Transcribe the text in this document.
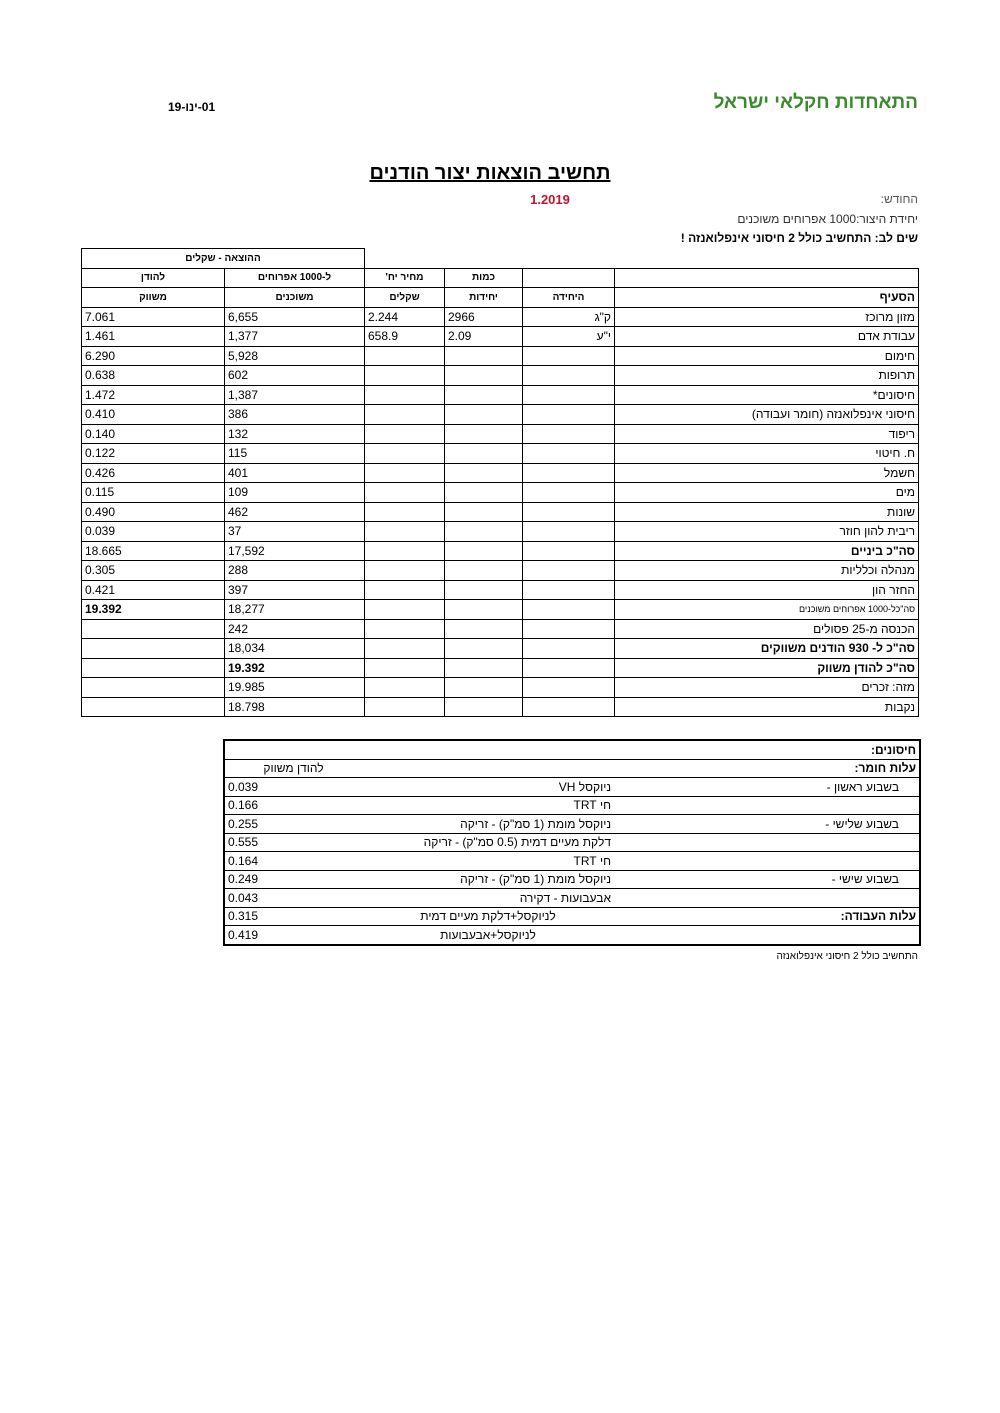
התאחדות חקלאי ישראל
01-ינו-19
תחשיב הוצאות יצור הודנים
החודש:
1.2019
יחידת היצור:1000 אפרוחים משוכנים
שים לב: התחשיב כולל 2 חיסוני אינפלואנזה !
				ההוצאה - שקלים	
		כמות	מחיר יח'	ל-1000 אפרוחים	להודן
הסעיף	היחידה	יחידות	שקלים	משוכנים	משווק
מזון מרוכז	ק"ג	2966	2.244	6,655	7.061
עבודת אדם	י"ע	2.09	658.9	1,377	1.461
חימום				5,928	6.290
תרופות				602	0.638
חיסונים*				1,387	1.472
חיסוני אינפלואנזה (חומר ועבודה)				386	0.410
ריפוד				132	0.140
ח. חיטוי				115	0.122
חשמל				401	0.426
מים				109	0.115
שונות				462	0.490
ריבית להון חוזר				37	0.039
סה"כ ביניים				17,592	18.665
מנהלה וכלליות				288	0.305
החזר הון				397	0.421
סה"כל-1000 אפרוחים משוכנים				18,277	19.392
הכנסה מ-25 פסולים				242	
סה"כ ל- 930 הודנים משווקים				18,034	
סה"כ להודן משווק				19.392	
מזה: זכרים				19.985	
נקבות				18.798	
חיסונים:		
עלות חומר:		להודן משווק
בשבוע ראשון -	ניוקסל VH	0.039
	חי TRT	0.166
בשבוע שלישי -	ניוקסל מומת (1 סמ"ק) - זריקה	0.255
	דלקת מעיים דמית (0.5 סמ"ק) - זריקה	0.555
	חי TRT	0.164
בשבוע שישי -	ניוקסל מומת (1 סמ"ק) - זריקה	0.249
	אבעבועות - דקירה	0.043
עלות העבודה:	לניוקסל+דלקת מעיים דמית	0.315
	לניוקסל+אבעבועות	0.419
התחשיב כולל 2 חיסוני אינפלואנזה
